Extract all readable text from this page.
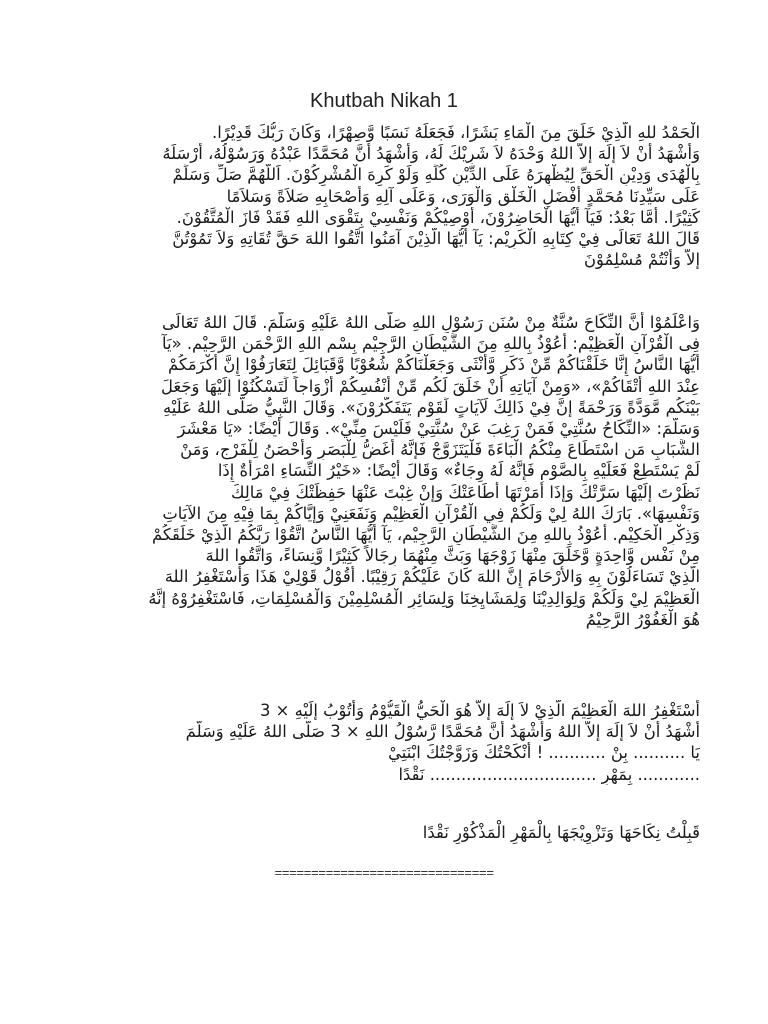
Khutbah Nikah 1
الْحَمْدُ للهِ الَّذِيْ خَلَقَ مِنَ الْمَاءِ بَشَرًا، فَجَعَلَهُ نَسَبًا وَّصِهْرًا، وَكَانَ رَبُّكَ قَدِيْرًا.
وَأَشْهَدُ أَنْ لاَ إِلَهَ إِلاَّ اللهُ وَحْدَهُ لاَ شَرِيْكَ لَهُ، وَأَشْهَدُ أَنَّ مُحَمَّدًا عَبْدُهُ وَرَسُوْلُهُ، أَرْسَلَهُ
بِالْهُدَى وَدِيْنِ الْحَقِّ لِيُظْهِرَهُ عَلَى الدِّيْنِ كُلِّهِ وَلَوْ كَرِهَ الْمُشْرِكُوْنَ. اَللَّهُمَّ صَلِّ وَسَلِّمْ
عَلَى سَيِّدِنَا مُحَمَّدٍ أَفْضَلِ الْخَلْقِ وَالْوَرَى، وَعَلَى آلِهِ وَأَصْحَابِهِ صَلاَةً وَسَلاَمًا
كَثِيْرًا. أَمَّا بَعْدُ: فَيَآ أَيُّهَا الْحَاضِرُوْنَ، أُوْصِيْكُمْ وَنَفْسِيْ بِتَقْوَى اللهِ فَقَدْ فَازَ الْمُتَّقُوْنَ.
قَالَ اللهُ تَعَالَى فِيْ كِتَابِهِ الْكَرِيْمِ: يَآ أَيُّهَا الَّذِيْنَ آمَنُوا اتَّقُوا اللهَ حَقَّ تُقَاتِهِ وَلاَ تَمُوْتُنَّ
إِلاَّ وَأَنْتُمْ مُسْلِمُوْنَ
وَاعْلَمُوْا أَنَّ النِّكَاحَ سُنَّةٌ مِنْ سُنَنِ رَسُوْلِ اللهِ صَلَّى اللهُ عَلَيْهِ وَسَلَّمَ. قَالَ اللهُ تَعَالَى
فِى الْقُرْآنِ الْعَظِيْمِ: أَعُوْذُ بِاللهِ مِنَ الشَّيْطَانِ الرَّجِيْمِ بِسْمِ اللهِ الرَّحْمَنِ الرَّحِيْمِ. «يَآ
أَيُّهَا النَّاسُ إِنَّا خَلَقْنَاكُمْ مِّنْ ذَكَرٍ وَّأُنْثَى وَجَعَلْنَاكُمْ شُعُوْبًا وَّقَبَائِلَ لِتَعَارَفُوْا إِنَّ أَكْرَمَكُمْ
عِنْدَ اللهِ أَتْقَاكُمْ»، «وَمِنْ آيَاتِهِ أَنْ خَلَقَ لَكُم مِّنْ أَنْفُسِكُمْ أَزْوَاجاً لِّتَسْكُنُوْا إِلَيْهَا وَجَعَلَ
بَيْنَكُم مَّوَدَّةً وَرَحْمَةً إِنَّ فِيْ ذَالِكَ لَآيَاتٍ لِّقَوْمٍ يَتَفَكَّرُوْنَ». وَقَالَ النَّبِيُّ صَلَّى اللهُ عَلَيْهِ
وَسَلَّمَ: «النِّكَاحُ سُنَّتِيْ فَمَنْ رَغِبَ عَنْ سُنَّتِيْ فَلَيْسَ مِنِّيْ». وَقَالَ أَيْضًا: «يَا مَعْشَرَ
الشَّبَابِ مَنِ اسْتَطَاعَ مِنْكُمُ الْبَاءَةَ فَلْيَتَزَوَّجْ فَإِنَّهُ أَغَضُّ لِلْبَصَرِ وَأَحْصَنُ لِلْفَرْجِ، وَمَنْ
لَمْ يَسْتَطِعْ فَعَلَيْهِ بِالصَّوْمِ فَإِنَّهُ لَهُ وِجَاءٌ» وَقَالَ أَيْضًا: «خَيْرُ النِّسَاءِ امْرَأَةٌ إِذَا
نَظَرْتَ إِلَيْهَا سَرَّتْكَ وَإِذَا أَمَرْتَهَا أَطَاعَتْكَ وَإِنْ غِبْتَ عَنْهَا حَفِظَتْكَ فِيْ مَالِكَ
وَنَفْسِهَا». بَارَكَ اللهُ لِيْ وَلَكُمْ فِي الْقُرْآنِ الْعَظِيْمِ وَنَفَعَنِيْ وَإِيَّاكُمْ بِمَا فِيْهِ مِنَ الآيَاتِ
وَذِكْرِ الْحَكِيْمِ. أَعُوْذُ بِاللهِ مِنَ الشَّيْطَانِ الرَّجِيْمِ، يَآ أَيُّهَا النَّاسُ اتَّقُوْا رَبَّكُمُ الَّذِيْ خَلَقَكُمْ
مِنْ نَفْسٍ وَّاحِدَةٍ وَّخَلَقَ مِنْهَا زَوْجَهَا وَبَثَّ مِنْهُمَا رِجَالاً كَثِيْرًا وَّنِسَاءً، وَاتَّقُوا اللهَ
الَّذِيْ تَسَاءَلُوْنَ بِهِ وَالأَرْحَامَ إِنَّ اللهَ كَانَ عَلَيْكُمْ رَقِيْبًا. أَقُوْلُ قَوْلِيْ هَذَا وَأَسْتَغْفِرُ اللهَ
الْعَظِيْمَ لِيْ وَلَكُمْ وَلِوَالِدِيْنَا وَلِمَشَايِخِنَا وَلِسَائِرِ الْمُسْلِمِيْنَ وَالْمُسْلِمَاتِ، فَاسْتَغْفِرُوْهُ إِنَّهُ
هُوَ الْغَفُوْرُ الرَّحِيْمُ
أَسْتَغْفِرُ اللهَ الْعَظِيْمَ الَّذِيْ لاَ إِلَهَ إِلاَّ هُوَ الْحَيُّ الْقَيُّوْمُ وَأَتُوْبُ إِلَيْهِ × 3
أَشْهَدُ أَنْ لاَ إِلَهَ إِلاَّ اللهُ وَأَشْهَدُ أَنَّ مُحَمَّدًا رَّسُوْلُ اللهِ × 3 صَلَّى اللهُ عَلَيْهِ وَسَلَّمَ
يَا .......... بِنْ ........... ! أَنْكَحْتُكَ وَزَوَّجْتُكَ ابْنَتِيْ
............ بِمَهْرِ ................................ نَقْدًا
قَبِلْتُ نِكَاحَهَا وَتَزْوِيْجَهَا بِالْمَهْرِ الْمَذْكُوْرِ نَقْدًا
==============================
